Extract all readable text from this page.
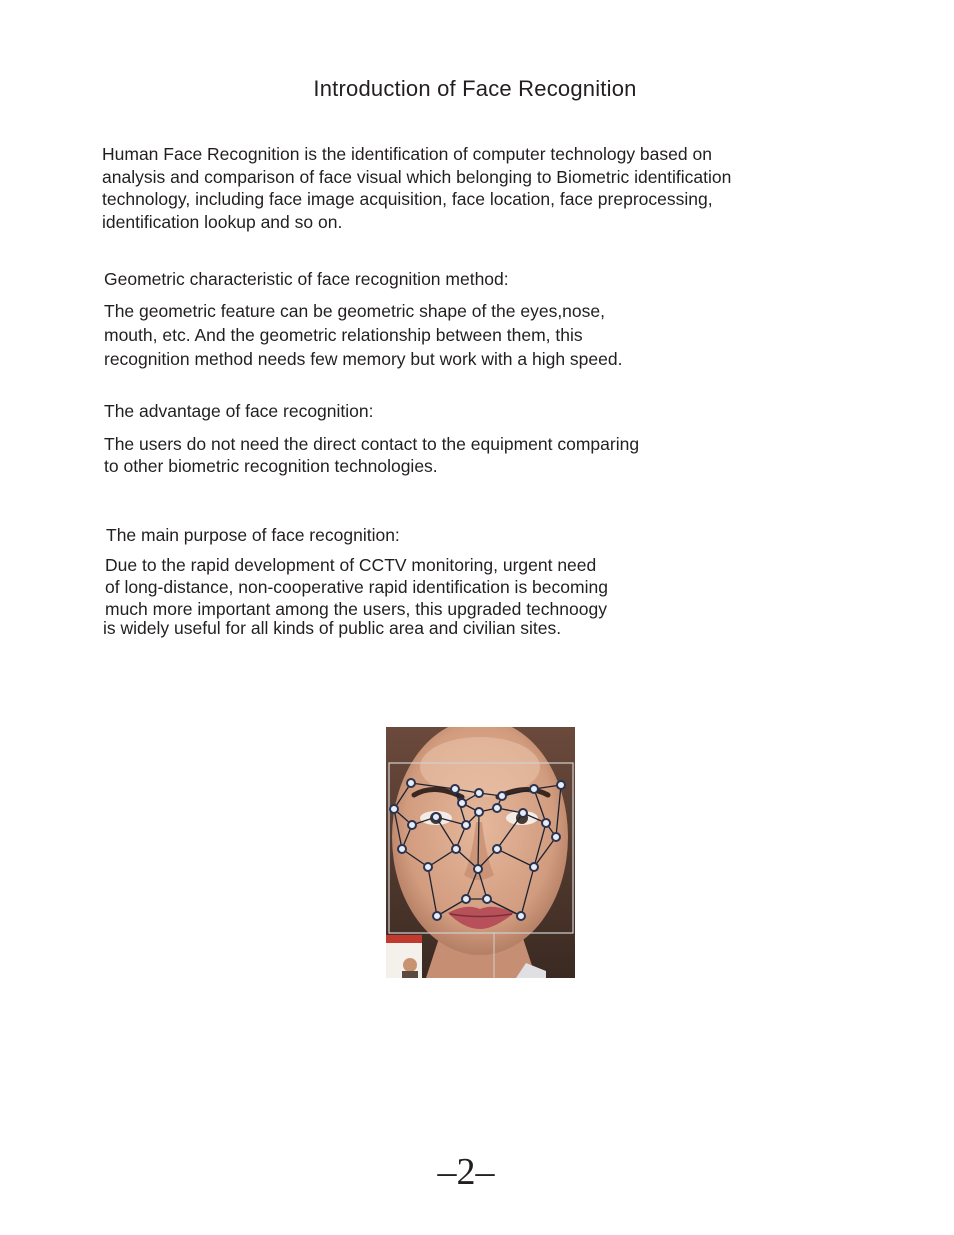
Introduction of Face Recognition
Human Face Recognition is the identification of computer technology based on
analysis and comparison of face visual which belonging to Biometric identification
technology, including face image acquisition, face location, face preprocessing,
identification lookup and so on.
Geometric characteristic of face recognition method:
The geometric feature can be geometric shape of the eyes,nose,
mouth, etc. And the geometric relationship between them, this
recognition method needs few memory but work with a high speed.
The advantage of face recognition:
The users do not need the direct contact to the equipment comparing
to other biometric recognition technologies.
The main purpose of face recognition:
Due to the rapid development of CCTV monitoring, urgent need
of long-distance, non-cooperative rapid identification is becoming
much more important among the users, this upgraded technoogy
is widely useful for all kinds of public area and civilian sites.
–2–
